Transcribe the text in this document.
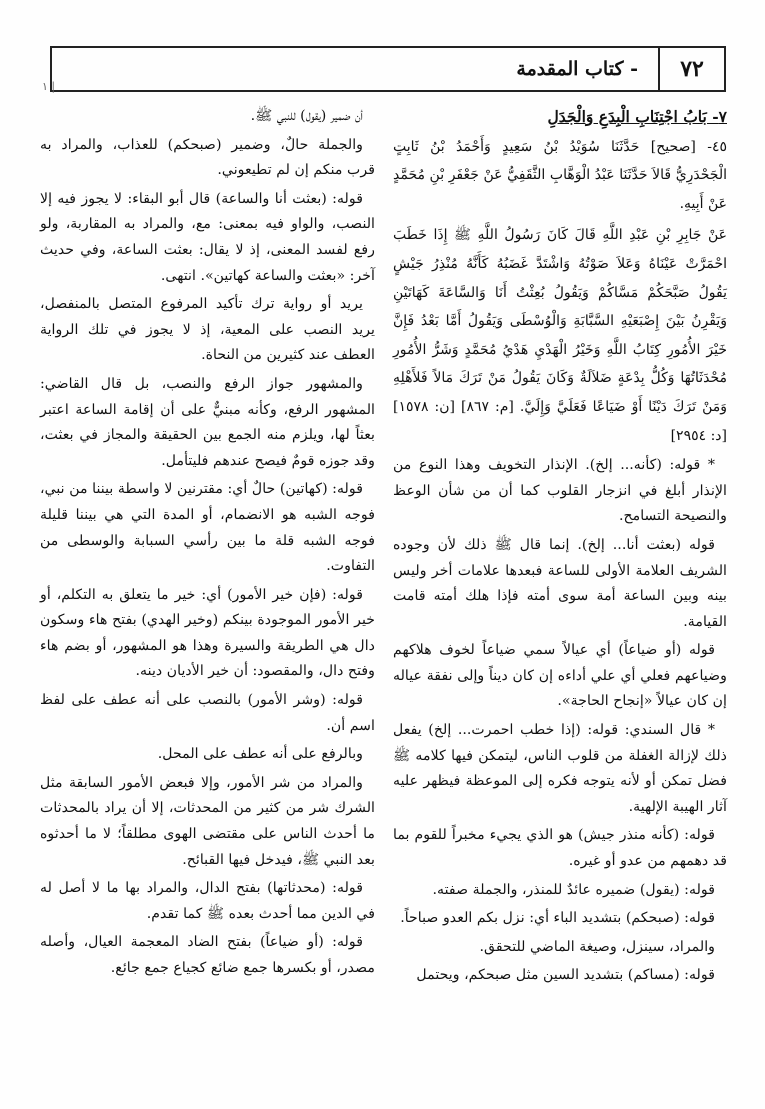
٧٢
- كتاب المقدمة
١ |

٧- بَابُ اجْتِنَابِ الْبِدَعِ وَالْجَدَلِ

٤٥- [صحيح] حَدَّثَنَا سُوَيْدُ بْنُ سَعِيدٍ وَأَحْمَدُ بْنُ ثَابِتٍ الْجَحْدَرِيُّ قَالاَ حَدَّثَنَا عَبْدُ الْوَهَّابِ الثَّقَفِيُّ عَنْ جَعْفَرِ بْنِ مُحَمَّدٍ عَنْ أَبِيهِ.

عَنْ جَابِرِ بْنِ عَبْدِ اللَّهِ قَالَ كَانَ رَسُولُ اللَّهِ ﷺ إِذَا خَطَبَ احْمَرَّتْ عَيْنَاهُ وَعَلاَ صَوْتُهُ وَاشْتَدَّ غَضَبُهُ كَأَنَّهُ مُنْذِرُ جَيْشٍ يَقُولُ صَبَّحَكُمْ مَسَّاكُمْ وَيَقُولُ بُعِثْتُ أَنَا وَالسَّاعَةَ كَهَاتَيْنِ وَيَقْرِنُ بَيْنَ إِصْبَعَيْهِ السَّبَّابَةِ وَالْوُسْطَى وَيَقُولُ أَمَّا بَعْدُ فَإِنَّ خَيْرَ الأُمُورِ كِتَابُ اللَّهِ وَخَيْرُ الْهَدْيِ هَدْيُ مُحَمَّدٍ وَشَرُّ الأُمُورِ مُحْدَثَاتُهَا وَكُلُّ بِدْعَةٍ ضَلاَلَةٌ وَكَانَ يَقُولُ مَنْ تَرَكَ مَالاً فَلأَهْلِهِ وَمَنْ تَرَكَ دَيْنًا أَوْ ضَيَاعًا فَعَلَيَّ وَإِلَيَّ. [م: ٨٦٧] [ن: ١٥٧٨] [د: ٢٩٥٤]

* قوله: (كأنه... إلخ). الإنذار التخويف وهذا النوع من الإنذار أبلغ في انزجار القلوب كما أن من شأن الوعظ والنصيحة التسامح.

قوله (بعثت أنا... إلخ). إنما قال ﷺ ذلك لأن وجوده الشريف العلامة الأولى للساعة فبعدها علامات أخر وليس بينه وبين الساعة أمة سوى أمته فإذا هلك أمته قامت القيامة.

قوله (أو ضياعاً) أي عيالاً سمي ضياعاً لخوف هلاكهم وضياعهم فعلي أي علي أداءه إن كان ديناً وإلى نفقة عياله إن كان عيالاً «إنجاح الحاجة».

* قال السندي: قوله: (إذا خطب احمرت... إلخ) يفعل ذلك لإزالة الغفلة من قلوب الناس، ليتمكن فيها كلامه ﷺ فضل تمكن أو لأنه يتوجه فكره إلى الموعظة فيظهر عليه آثار الهيبة الإلهية.

قوله: (كأنه منذر جيش) هو الذي يجيء مخبراً للقوم بما قد دهمهم من عدو أو غيره.

قوله: (يقول) ضميره عائدٌ للمنذر، والجملة صفته.

قوله: (صبحكم) بتشديد الباء أي: نزل بكم العدو صباحاً.

والمراد، سينزل، وصيغة الماضي للتحقق.

قوله: (مساكم) بتشديد السين مثل صبحكم، ويحتمل

أن ضمير (يقول) للنبي ﷺ.

والجملة حالٌ، وضمير (صبحكم) للعذاب، والمراد به قرب منكم إن لم تطيعوني.

قوله: (بعثت أنا والساعة) قال أبو البقاء: لا يجوز فيه إلا النصب، والواو فيه بمعنى: مع، والمراد به المقاربة، ولو رفع لفسد المعنى، إذ لا يقال: بعثت الساعة، وفي حديث آخر: «بعثت والساعة كهاتين». انتهى.

يريد أو رواية ترك تأكيد المرفوع المتصل بالمنفصل، يريد النصب على المعية، إذ لا يجوز في تلك الرواية العطف عند كثيرين من النحاة.

والمشهور جواز الرفع والنصب، بل قال القاضي: المشهور الرفع، وكأنه مبنيٌّ على أن إقامة الساعة اعتبر بعثاً لها، ويلزم منه الجمع بين الحقيقة والمجاز في بعثت، وقد جوزه قومٌ فيصح عندهم فليتأمل.

قوله: (كهاتين) حالٌ أي: مقترنين لا واسطة بيننا من نبي، فوجه الشبه هو الانضمام، أو المدة التي هي بيننا قليلة فوجه الشبه قلة ما بين رأسي السبابة والوسطى من التفاوت.

قوله: (فإن خير الأمور) أي: خير ما يتعلق به التكلم، أو خير الأمور الموجودة بينكم (وخير الهدي) بفتح هاء وسكون دال هي الطريقة والسيرة وهذا هو المشهور، أو بضم هاء وفتح دال، والمقصود: أن خير الأديان دينه.

قوله: (وشر الأمور) بالنصب على أنه عطف على لفظ اسم أن.

وبالرفع على أنه عطف على المحل.

والمراد من شر الأمور، وإلا فبعض الأمور السابقة مثل الشرك شر من كثير من المحدثات، إلا أن يراد بالمحدثات ما أحدث الناس على مقتضى الهوى مطلقاً؛ لا ما أحدثوه بعد النبي ﷺ، فيدخل فيها القبائح.

قوله: (محدثاتها) بفتح الدال، والمراد بها ما لا أصل له في الدين مما أحدث بعده ﷺ كما تقدم.

قوله: (أو ضياعاً) بفتح الضاد المعجمة العيال، وأصله مصدر، أو بكسرها جمع ضائع كجياع جمع جائع.
